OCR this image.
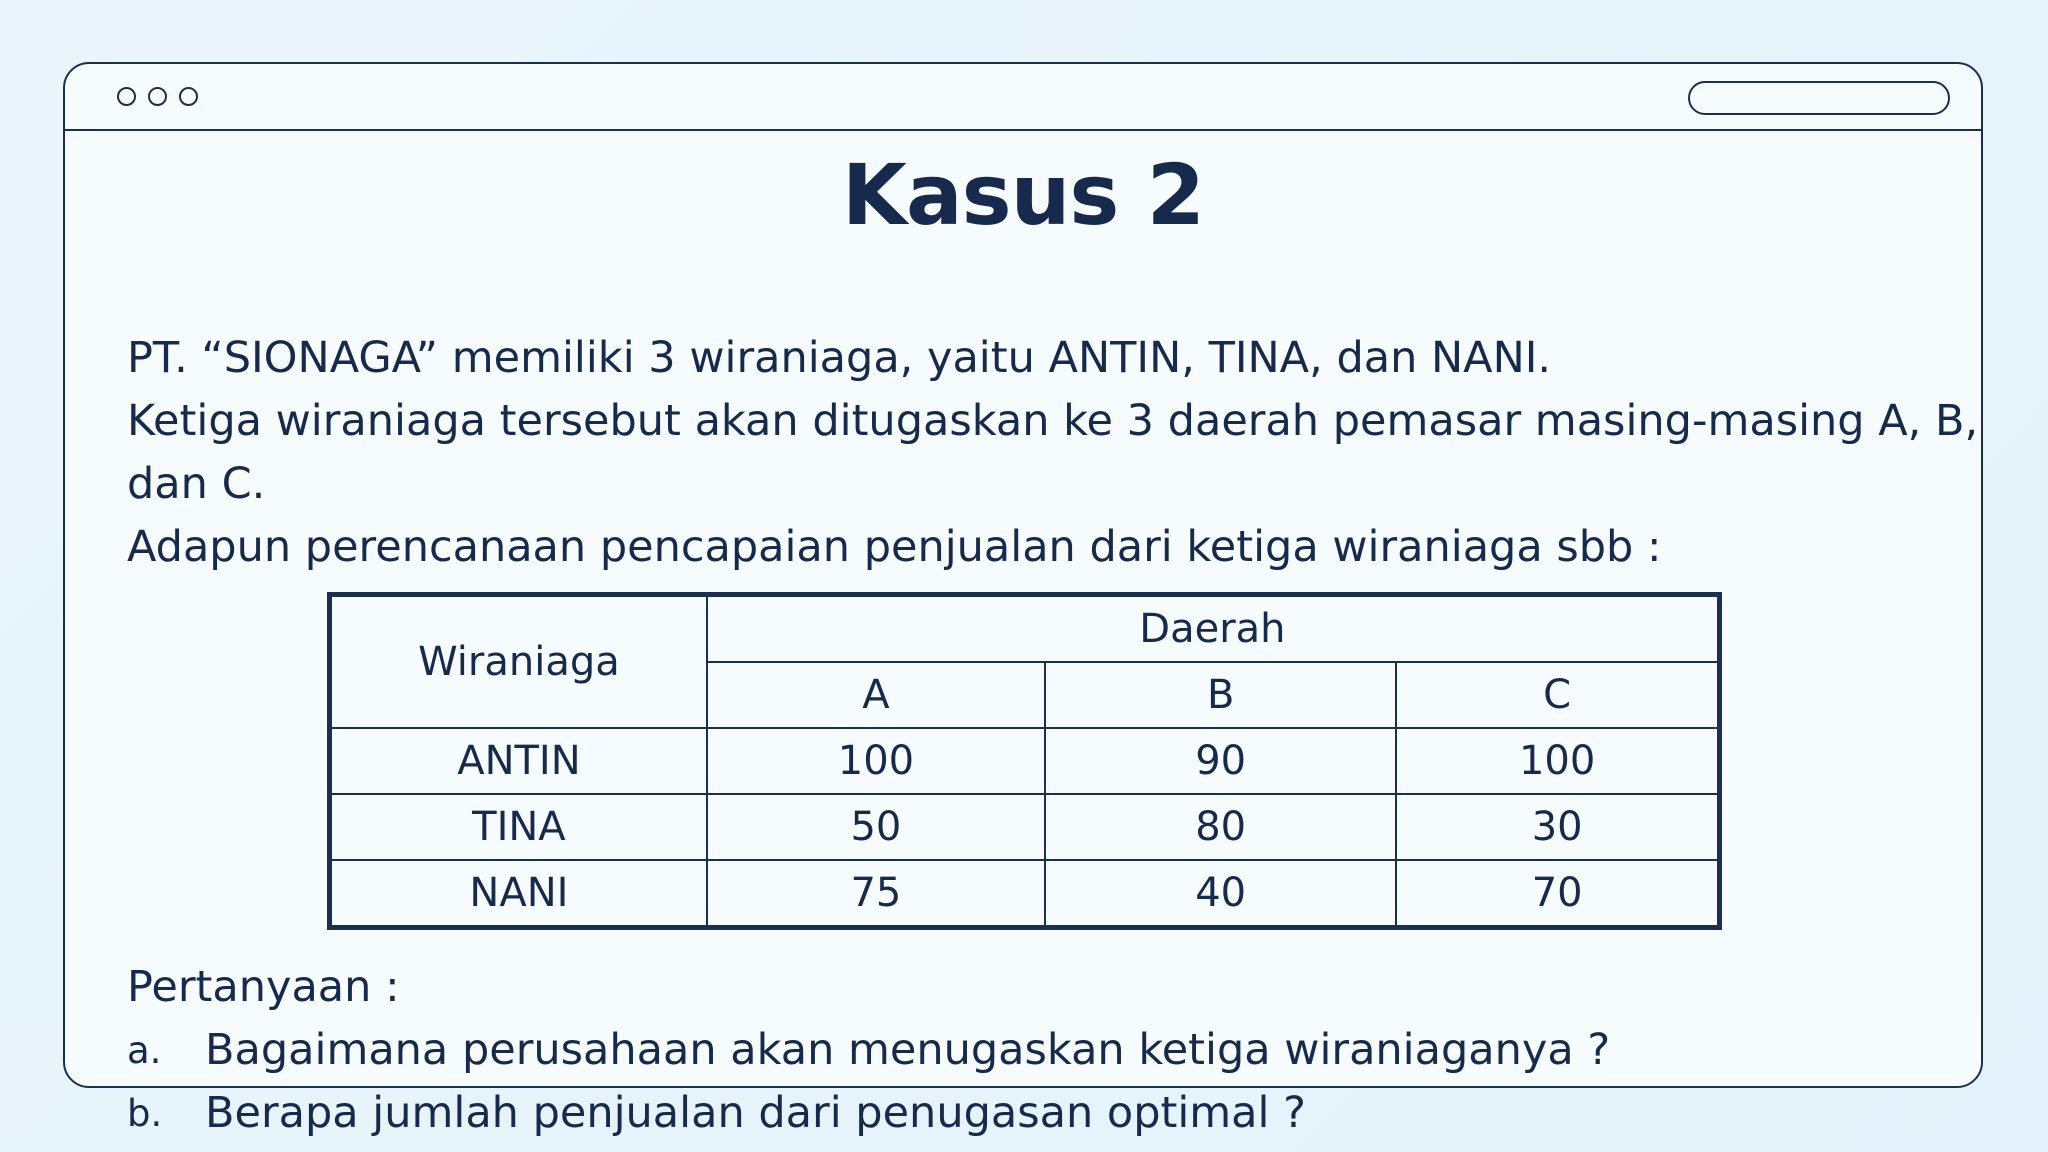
Kasus 2

PT. “SIONAGA” memiliki 3 wiraniaga, yaitu ANTIN, TINA, dan NANI.

Ketiga wiraniaga tersebut akan ditugaskan ke 3 daerah pemasar masing-masing A, B, dan C.

Adapun perencanaan pencapaian penjualan dari ketiga wiraniaga sbb :

Wiraniaga	Daerah		
	A	B	C
ANTIN	100	90	100
TINA	50	80	30
NANI	75	40	70

Pertanyaan :

a.	Bagaimana perusahaan akan menugaskan ketiga wiraniaganya ?
b. Berapa jumlah penjualan dari penugasan optimal ?
